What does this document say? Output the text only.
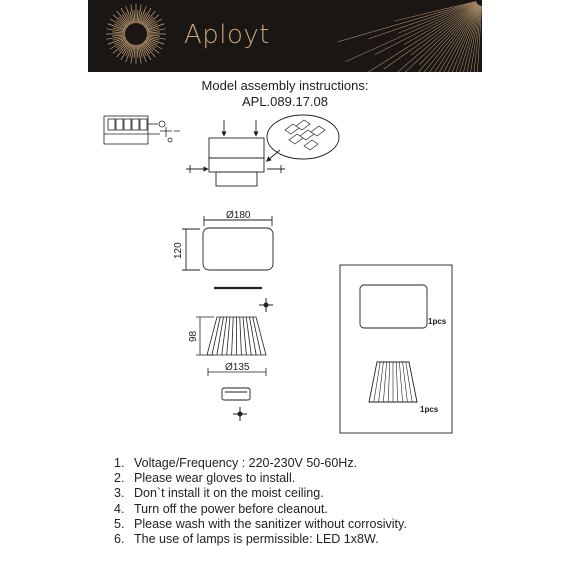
Aployt
Model assembly instructions:
APL.089.17.08
Ø180
120
98
Ø135
1pcs
1pcs
1. Voltage/Frequency : 220-230V 50-60Hz.
2. Please wear gloves to install.
3. Don`t install it on the moist ceiling.
4. Turn off the power before cleanout.
5. Please wash with the sanitizer without corrosivity.
6. The use of lamps is permissible: LED 1x8W.
